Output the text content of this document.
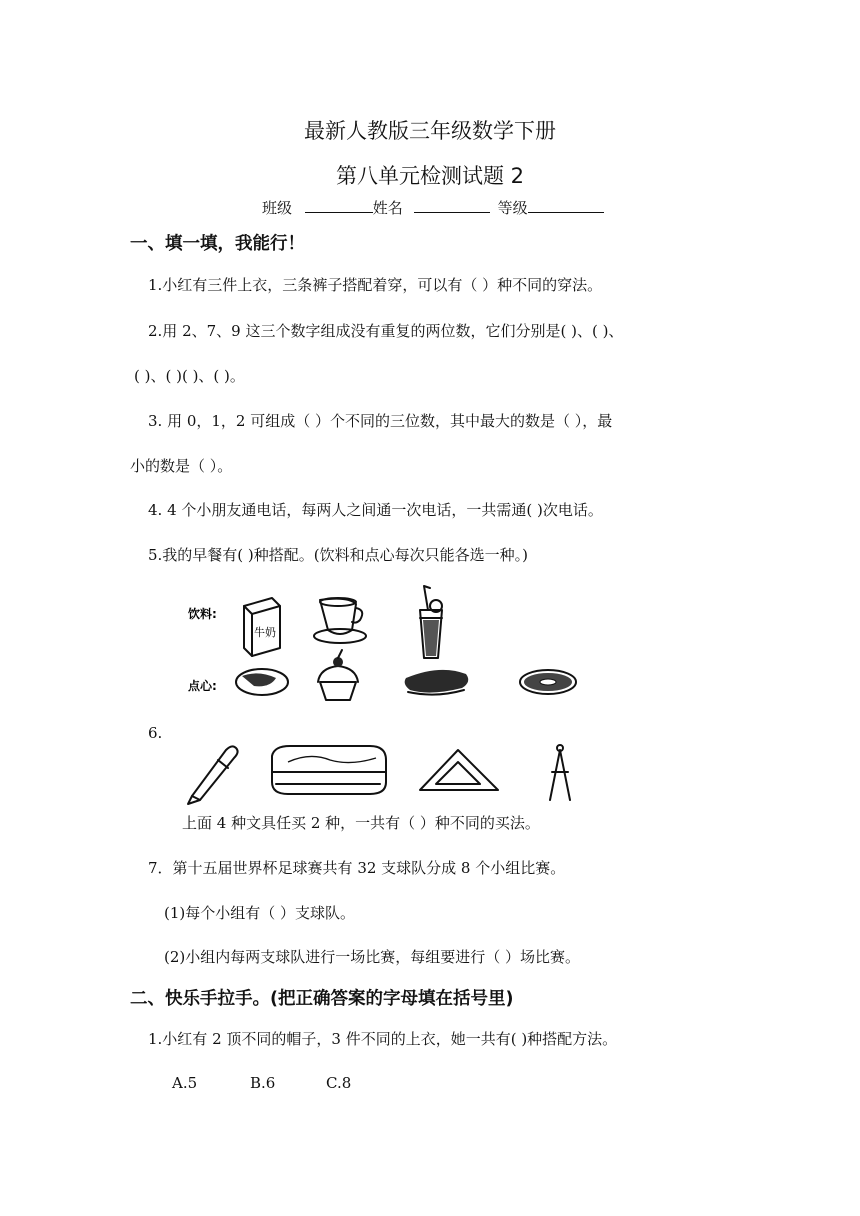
最新人教版三年级数学下册
第八单元检测试题 2
班级	姓名	等级
一、填一填，我能行！
1.小红有三件上衣，三条裤子搭配着穿，可以有（ ）种不同的穿法。
2.用 2、7、9 这三个数字组成没有重复的两位数，它们分别是( )、( )、
( )、( )( )、( )。
3. 用 0，1，2 可组成（ ）个不同的三位数，其中最大的数是（ ），最
小的数是（ ）。
4. 4 个小朋友通电话，每两人之间通一次电话，一共需通( )次电话。
5.我的早餐有( )种搭配。(饮料和点心每次只能各选一种。)
饮料:
牛奶
点心:
6.
上面 4 种文具任买 2 种，一共有（ ）种不同的买法。
7．第十五届世界杯足球赛共有 32 支球队分成 8 个小组比赛。
(1)每个小组有（ ）支球队。
(2)小组内每两支球队进行一场比赛，每组要进行（ ）场比赛。
二、快乐手拉手。(把正确答案的字母填在括号里)
1.小红有 2 顶不同的帽子，3 件不同的上衣，她一共有( )种搭配方法。
A.5	B.6	C.8
